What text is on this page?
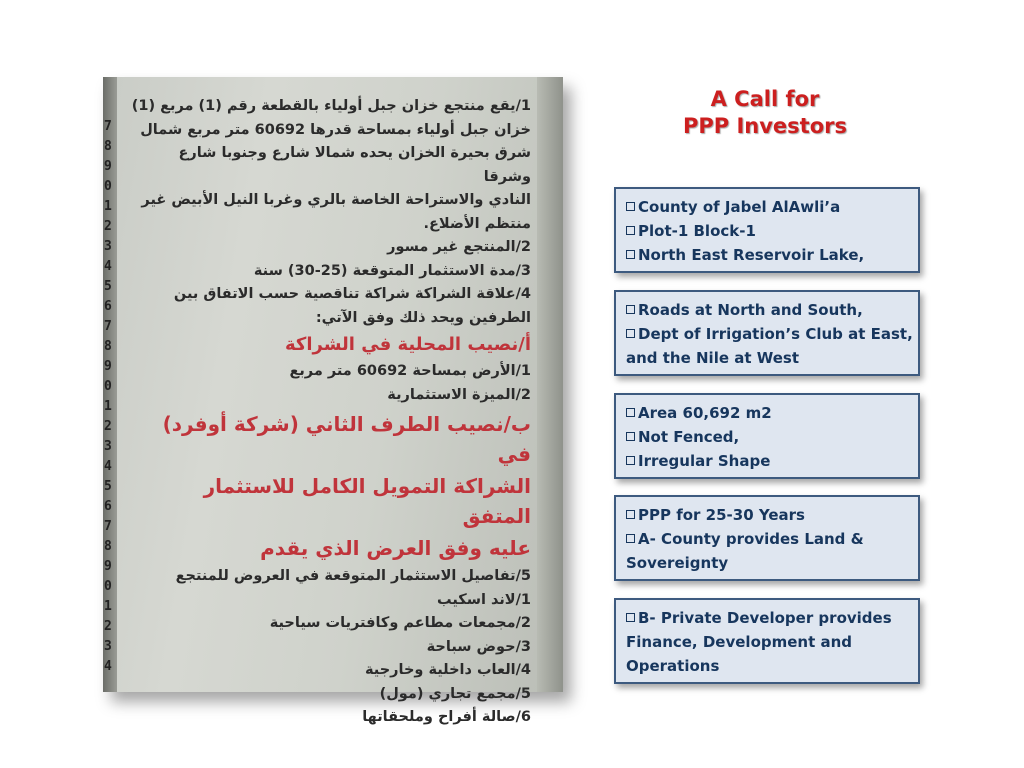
7
8
9
0
1
2
3
4
5
6
7
8
9
0
1
2
3
4
5
6
7
8
9
0
1
2
3
4

1/يقع منتجع خزان جبل أولياء بالقطعة رقم (1) مربع (1)

خزان جبل أولياء بمساحة قدرها 60692 متر مربع شمال

شرق بحيرة الخزان يحده شمالا شارع وجنوبا شارع وشرقا

النادي والاستراحة الخاصة بالري وغربا النيل الأبيض غير

منتظم الأضلاع.

2/المنتجع غير مسور

3/مدة الاستثمار المتوقعة (25-30) سنة

4/علاقة الشراكة شراكة تناقصية حسب الاتفاق بين

الطرفين ويحد ذلك وفق الآتي:

أ/نصيب المحلية في الشراكة

1/الأرض بمساحة 60692 متر مربع

2/الميزة الاستثمارية

ب/نصيب الطرف الثاني (شركة أوفرد) في

الشراكة التمويل الكامل للاستثمار المتفق

عليه وفق العرض الذي يقدم

5/تفاصيل الاستثمار المتوقعة في العروض للمنتجع

1/لاند اسكيب

2/مجمعات مطاعم وكافتريات سياحية

3/حوض سباحة

4/العاب داخلية وخارجية

5/مجمع تجاري (مول)

6/صالة أفراح وملحقاتها

A Call for
PPP Investors
County of Jabel AlAwli’a
Plot-1 Block-1
North East Reservoir Lake,
Roads at North and South,
Dept of Irrigation’s Club at East,
and the Nile at West
Area 60,692 m2
Not Fenced,
Irregular Shape
PPP for 25-30 Years
A- County provides Land &
Sovereignty
B- Private Developer provides
Finance, Development and
Operations
